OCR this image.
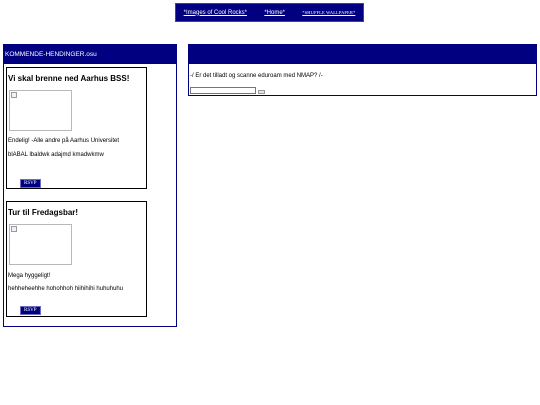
*Images of Cool Rocks*	*Home*	*SHUFFLE WALLPAPER*
KOMMENDE-HENDINGER.osu
Vi skal brenne ned Aarhus BSS!
Endelig! -Alle andre på Aarhus Universitet
blABAL lbaldwk adajmd kmadwkmw
RSVP
Tur til Fredagsbar!
Mega hyggeligt!
hehheheehhe hohohhoh hiihihihi huhuhuhu
RSVP
Announcements
-/ Er det tilladt og scanne eduroam med NMAP? /-
